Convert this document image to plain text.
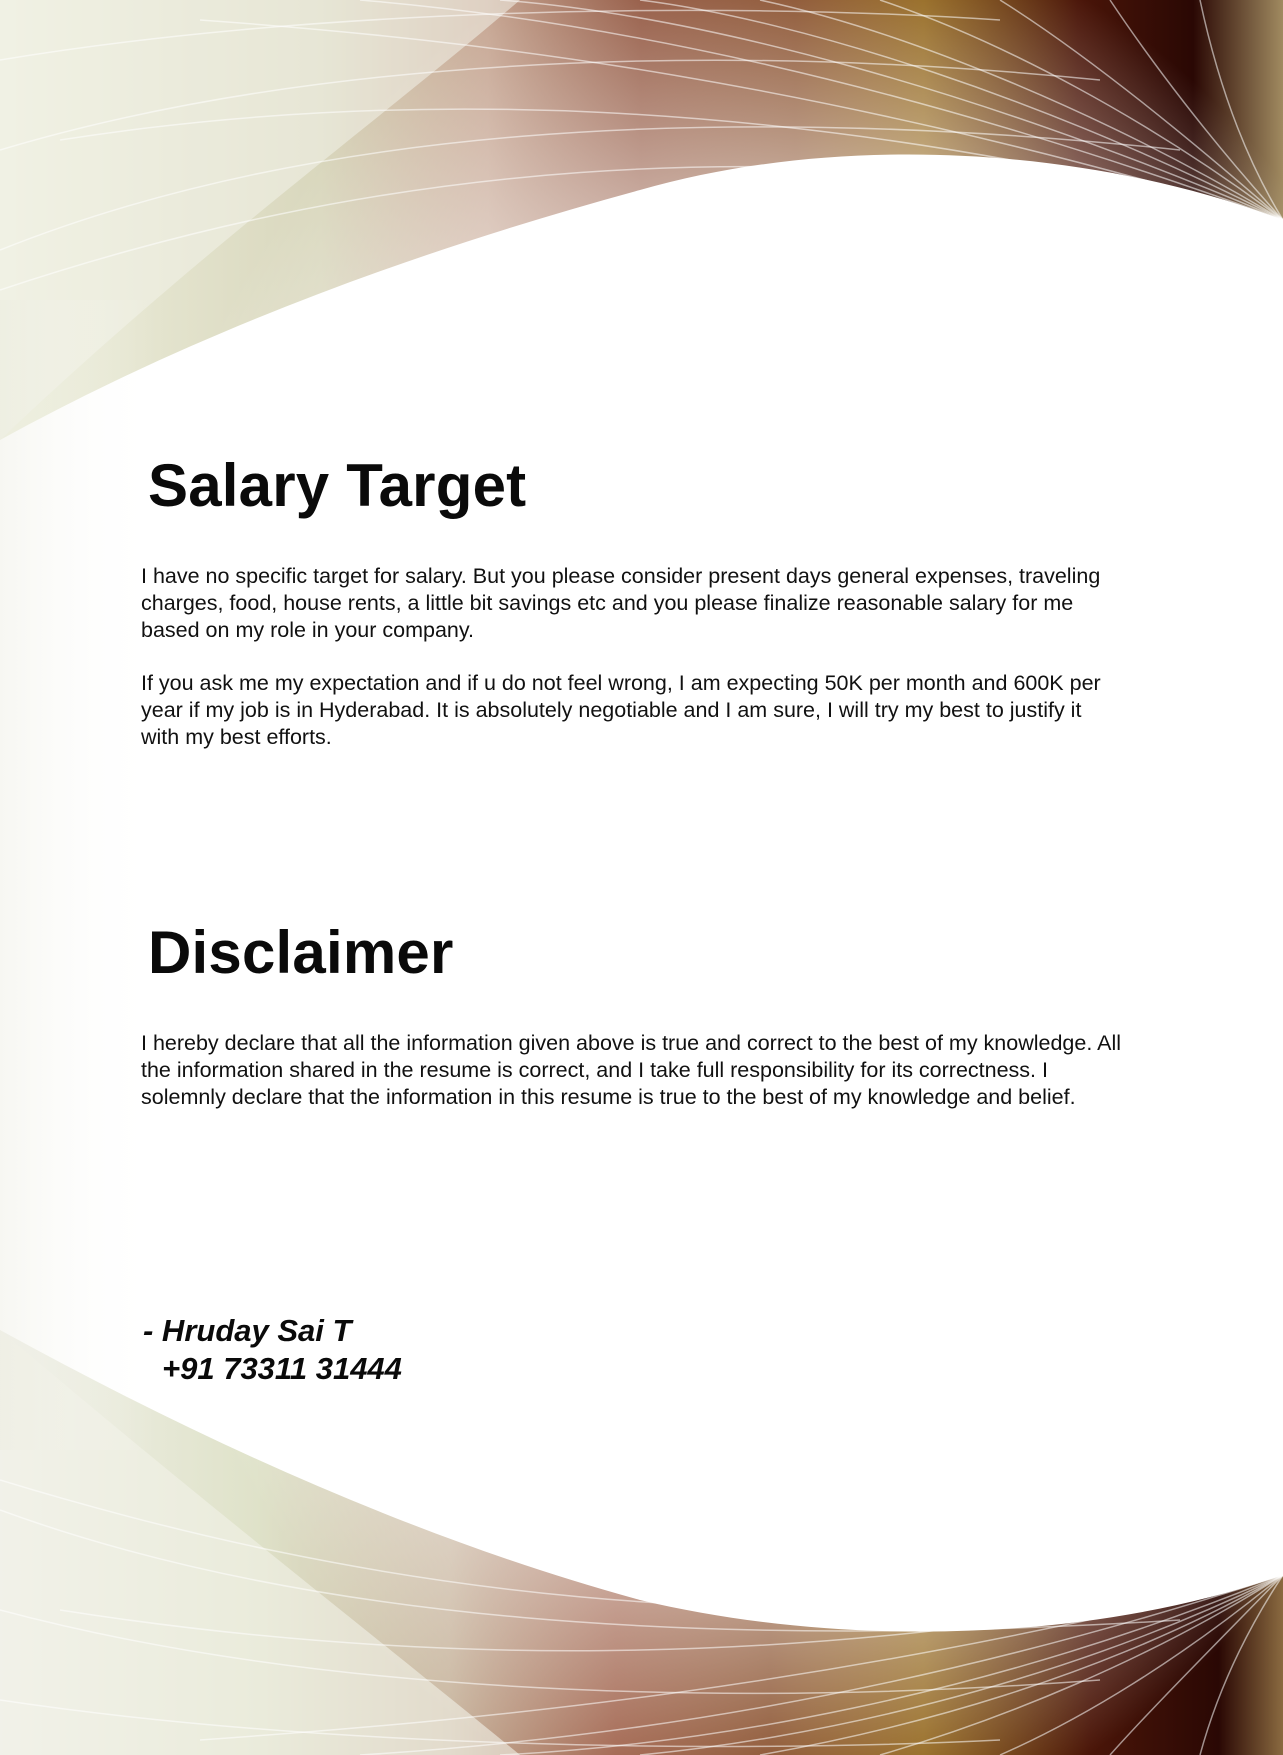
Salary Target

I have no specific target for salary. But you please consider present days general expenses, traveling charges, food, house rents, a little bit savings etc and you please finalize reasonable salary for me based on my role in your company.

If you ask me my expectation and if u do not feel wrong, I am expecting 50K per month and 600K per year if my job is in Hyderabad. It is absolutely negotiable and I am sure, I will try my best to justify it with my best efforts.

Disclaimer

I hereby declare that all the information given above is true and correct to the best of my knowledge. All the information shared in the resume is correct, and I take full responsibility for its correctness. I solemnly declare that the information in this resume is true to the best of my knowledge and belief.

- Hruday Sai T

+91 73311 31444
